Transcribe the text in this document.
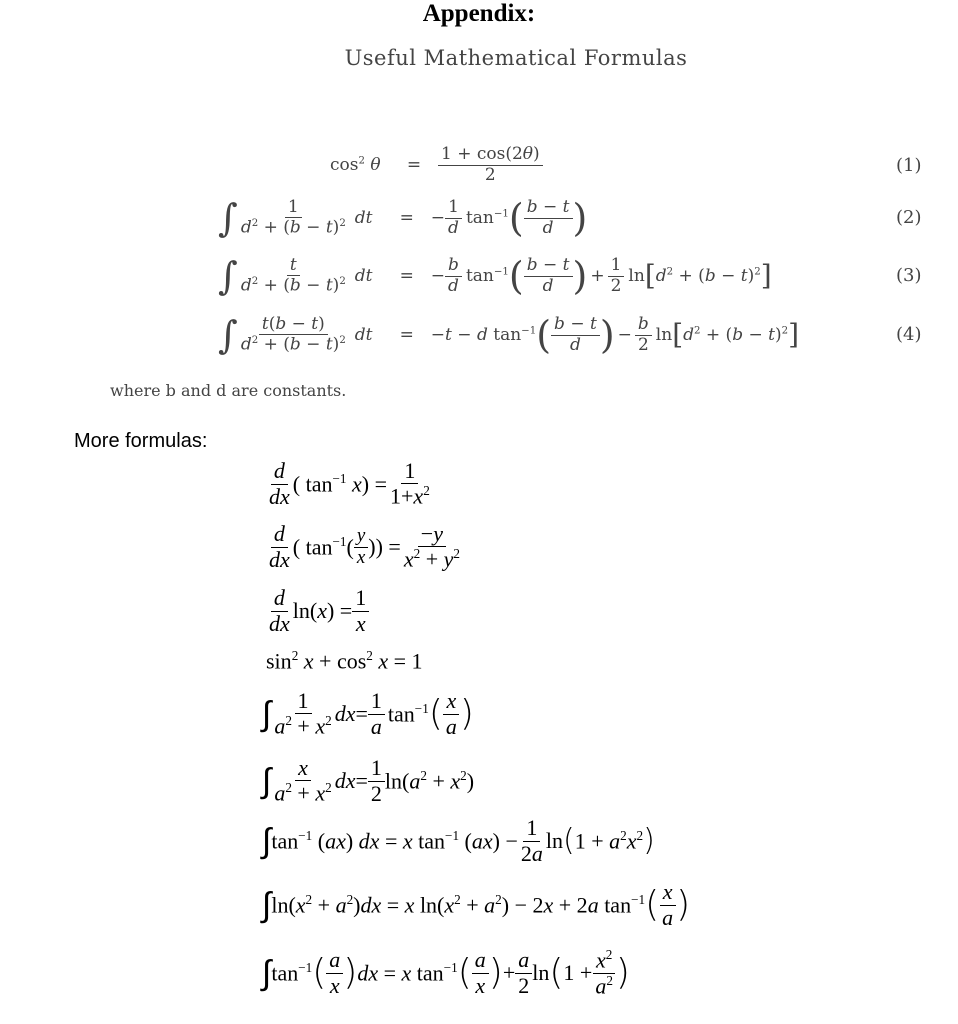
Appendix:
Useful Mathematical Formulas
$\cos^2 \theta$	= $\frac{1 + \cos(2\theta)}{2}$	(1)
∫ $\frac{1}{d^2 + (b - t)^2}$ dt	= − $\frac{1}{d} \tan^{-1}$ ( $\frac{b - t}{d}$ )	(2)
∫ $\frac{t}{d^2 + (b - t)^2}$ dt	= − $\frac{b}{d} \tan^{-1}$ ( $\frac{b - t}{d}$ ) + $\frac{1}{2}$ ln [ $d^2 + (b - t)^2$ ]	(3)
∫ $\frac{t(b - t)}{d^2 + (b - t)^2}$ dt	= −t − d $\tan^{-1}$ ( $\frac{b - t}{d}$ ) − $\frac{b}{2}$ ln [ $d^2 + (b - t)^2$ ]	(4)
where b and d are constants.
More formulas:
$\frac{d}{dx}$ ( $\tan^{-1} x) = \frac{1}{1+x^2}$
$\frac{d}{dx}$ ( $\tan^{-1}( \frac{y}{x}$ )) = $\frac{-y}{x^2 + y^2}$
$\frac{d}{dx} \ln(x) = \frac{1}{x}$
$\sin^2 x + \cos^2 x = 1$
∫ $\frac{1}{a^2 + x^2}$ dx = $\frac{1}{a} \tan^{-1}$ ( $\frac{x}{a}$ )
∫ $\frac{x}{a^2 + x^2}$ dx = $\frac{1}{2} \ln(a^2 + x^2)$
∫ $\tan^{-1} (ax)$ dx = x $\tan^{-1} (ax) - \frac{1}{2a}$ ln ( $1 + a^2x^2$ )
∫ $\ln(x^2 + a^2)dx = x$ $\ln(x^2 + a^2) - 2x + 2a$ $\tan^{-1}$ ( $\frac{x}{a}$ )
∫ $\tan^{-1}$ ( $\frac{a}{x}$ ) dx = x $\tan^{-1}$ ( $\frac{a}{x}$ ) + $\frac{a}{2}$ ln ( $1 + \frac{x^2}{a^2}$ )
